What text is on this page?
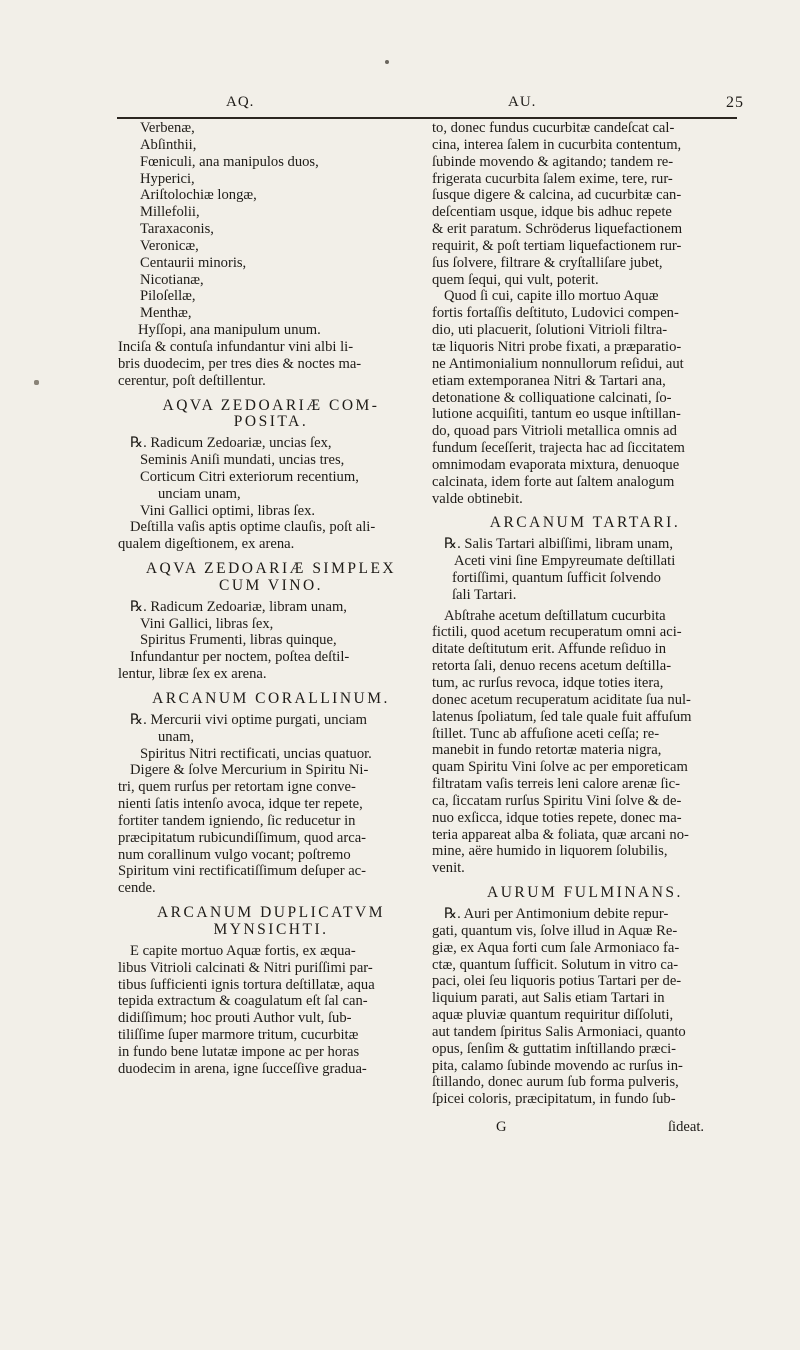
AQ.	AU.	25
Verbenæ,
Abſinthii,
Fœniculi, ana manipulos duos,
Hyperici,
Ariſtolochiæ longæ,
Millefolii,
Taraxaconis,
Veronicæ,
Centaurii minoris,
Nicotianæ,
Piloſellæ,
Menthæ,
Hyſſopi, ana manipulum unum.
Inciſa & contuſa infundantur vini albi li-
bris duodecim, per tres dies & noctes ma-
cerentur, poſt deſtillentur.
AQVA ZEDOARIÆ COM-
POSITA.
℞. Radicum Zedoariæ, uncias ſex,
Seminis Aniſi mundati, uncias tres,
Corticum Citri exteriorum recentium,
unciam unam,
Vini Gallici optimi, libras ſex.
Deſtilla vaſis aptis optime clauſis, poſt ali-
qualem digeſtionem, ex arena.
AQVA ZEDOARIÆ SIMPLEX
CUM VINO.
℞. Radicum Zedoariæ, libram unam,
Vini Gallici, libras ſex,
Spiritus Frumenti, libras quinque,
Infundantur per noctem, poſtea deſtil-
lentur, libræ ſex ex arena.
ARCANUM CORALLINUM.
℞. Mercurii vivi optime purgati, unciam
unam,
Spiritus Nitri rectificati, uncias quatuor.
Digere & ſolve Mercurium in Spiritu Ni-
tri, quem rurſus per retortam igne conve-
nienti ſatis intenſo avoca, idque ter repete,
fortiter tandem igniendo, ſic reducetur in
præcipitatum rubicundiſſimum, quod arca-
num corallinum vulgo vocant; poſtremo
Spiritum vini rectificatiſſimum deſuper ac-
cende.
ARCANUM DUPLICATVM
MYNSICHTI.
E capite mortuo Aquæ fortis, ex æqua-
libus Vitrioli calcinati & Nitri puriſſimi par-
tibus ſufficienti ignis tortura deſtillatæ, aqua
tepida extractum & coagulatum eſt ſal can-
didiſſimum; hoc prouti Author vult, ſub-
tiliſſime ſuper marmore tritum, cucurbitæ
in fundo bene lutatæ impone ac per horas
duodecim in arena, igne ſucceſſive gradua-
to, donec fundus cucurbitæ candeſcat cal-
cina, interea ſalem in cucurbita contentum,
ſubinde movendo & agitando; tandem re-
frigerata cucurbita ſalem exime, tere, rur-
ſusque digere & calcina, ad cucurbitæ can-
deſcentiam usque, idque bis adhuc repete
& erit paratum. Schröderus liquefactionem
requirit, & poſt tertiam liquefactionem rur-
ſus ſolvere, filtrare & cryſtalliſare jubet,
quem ſequi, qui vult, poterit.
Quod ſi cui, capite illo mortuo Aquæ
fortis fortaſſis deſtituto, Ludovici compen-
dio, uti placuerit, ſolutioni Vitrioli filtra-
tæ liquoris Nitri probe fixati, a præparatio-
ne Antimonialium nonnullorum reſidui, aut
etiam extemporanea Nitri & Tartari ana,
detonatione & colliquatione calcinati, ſo-
lutione acquiſiti, tantum eo usque inſtillan-
do, quoad pars Vitrioli metallica omnis ad
fundum ſeceſſerit, trajecta hac ad ſiccitatem
omnimodam evaporata mixtura, denuoque
calcinata, idem forte aut ſaltem analogum
valde obtinebit.
ARCANUM TARTARI.
℞. Salis Tartari albiſſimi, libram unam,
Aceti vini ſine Empyreumate deſtillati
fortiſſimi, quantum ſufficit ſolvendo
ſali Tartari.
Abſtrahe acetum deſtillatum cucurbita
fictili, quod acetum recuperatum omni aci-
ditate deſtitutum erit. Affunde reſiduo in
retorta ſali, denuo recens acetum deſtilla-
tum, ac rurſus revoca, idque toties itera,
donec acetum recuperatum aciditate ſua nul-
latenus ſpoliatum, ſed tale quale fuit affuſum
ſtillet. Tunc ab affuſione aceti ceſſa; re-
manebit in fundo retortæ materia nigra,
quam Spiritu Vini ſolve ac per emporeticam
filtratam vaſis terreis leni calore arenæ ſic-
ca, ſiccatam rurſus Spiritu Vini ſolve & de-
nuo exſicca, idque toties repete, donec ma-
teria appareat alba & foliata, quæ arcani no-
mine, aëre humido in liquorem ſolubilis,
venit.
AURUM FULMINANS.
℞. Auri per Antimonium debite repur-
gati, quantum vis, ſolve illud in Aquæ Re-
giæ, ex Aqua forti cum ſale Armoniaco fa-
ctæ, quantum ſufficit. Solutum in vitro ca-
paci, olei ſeu liquoris potius Tartari per de-
liquium parati, aut Salis etiam Tartari in
aquæ pluviæ quantum requiritur diſſoluti,
aut tandem ſpiritus Salis Armoniaci, quanto
opus, ſenſim & guttatim inſtillando præci-
pita, calamo ſubinde movendo ac rurſus in-
ſtillando, donec aurum ſub forma pulveris,
ſpicei coloris, præcipitatum, in fundo ſub-
G	ſideat.
